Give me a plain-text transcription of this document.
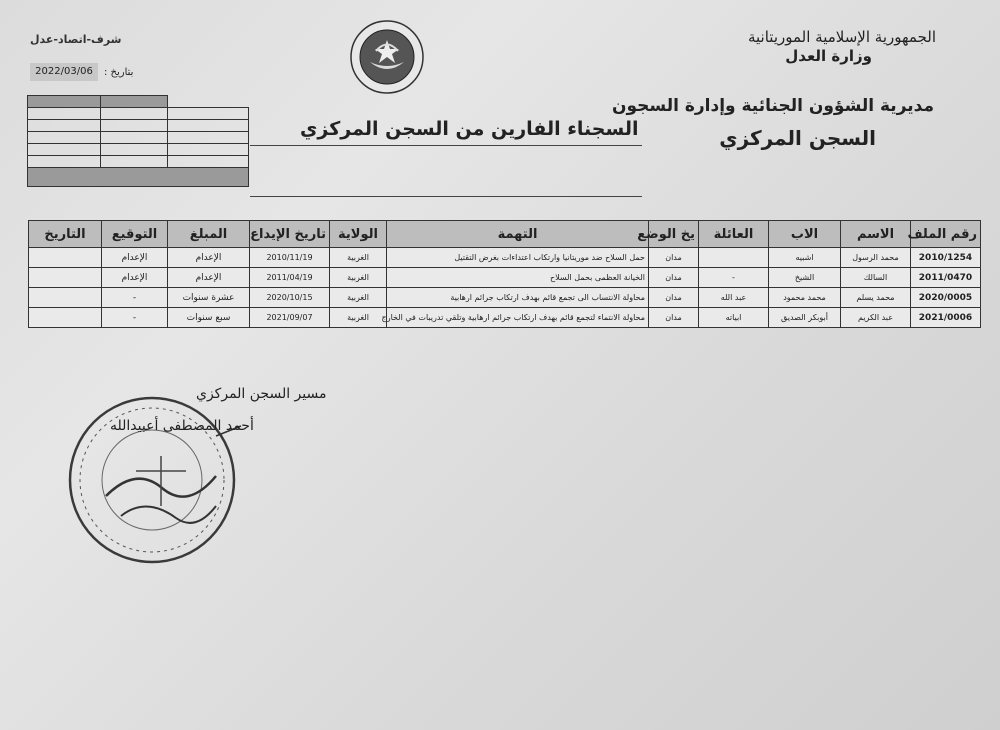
الجمهورية الإسلامية الموريتانية
وزارة العدل
مديرية الشؤون الجنائية وإدارة السجون
السجن المركزي
شرف-اتصاد-عدل
2022/03/06	بتاريخ :
السجناء الفارين من السجن المركزي

رقم الملف	الاسم	الاب	العائلة	يخ الوضع	التهمة	الولاية	تاريخ الإيداع	المبلغ	التوقيع	التاريخ
2010/1254	محمد الرسول	اشبيه		مدان	حمل السلاح ضد موريتانيا وارتكاب اعتداءات بغرض التقتيل	الغربية	2010/11/19	الإعدام	الإعدام	
2011/0470	السالك	الشيخ	-	مدان	الخيانة العظمى بحمل السلاح	الغربية	2011/04/19	الإعدام	الإعدام	
2020/0005	محمد يسلم	محمد محمود	عبد الله	مدان	محاولة الانتساب الى تجمع قائم بهدف ارتكاب جرائم ارهابية	الغربية	2020/10/15	عشرة سنوات	-	
2021/0006	عبد الكريم	أبوبكر الصديق	ابياته	مدان	محاولة الانتماء لتجمع قائم بهدف ارتكاب جرائم ارهابية وتلقي تدريبات في الخارج	الغربية	2021/09/07	سبع سنوات	-	
مسير السجن المركزي
أحمد المصطفى أعبيدالله
